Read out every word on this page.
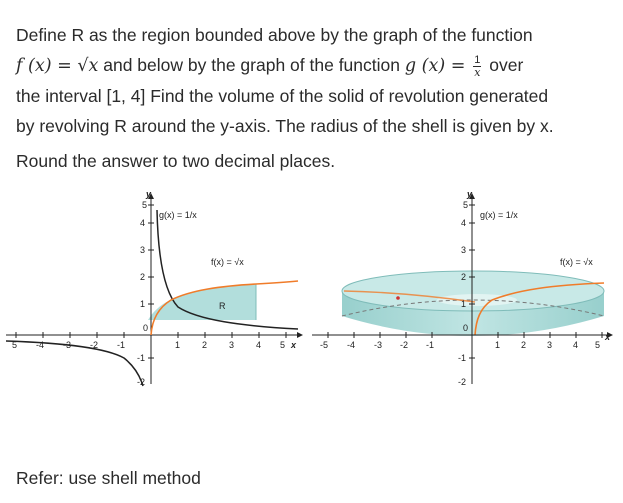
Define R as the region bounded above by the graph of the function
f (x) = √x and below by the graph of the function g $(x) = \frac{1}{x}$ over
the interval [1, 4] Find the volume of the solid of revolution generated
by revolving R around the y-axis. The radius of the shell is given by x.
Round the answer to two decimal places.
5 -4 -3 -2 -1
0
1 2 3 4 5 x
5
4
3
2
1
-1
-2
y
g(x) = 1/x
f(x) = √x
R
-5 -4 -3 -2 -1
0
1 2 3 4 5
x
5
4
3
2
1
-1
-2
y
g(x) = 1/x
f(x) = √x
Refer: use shell method
